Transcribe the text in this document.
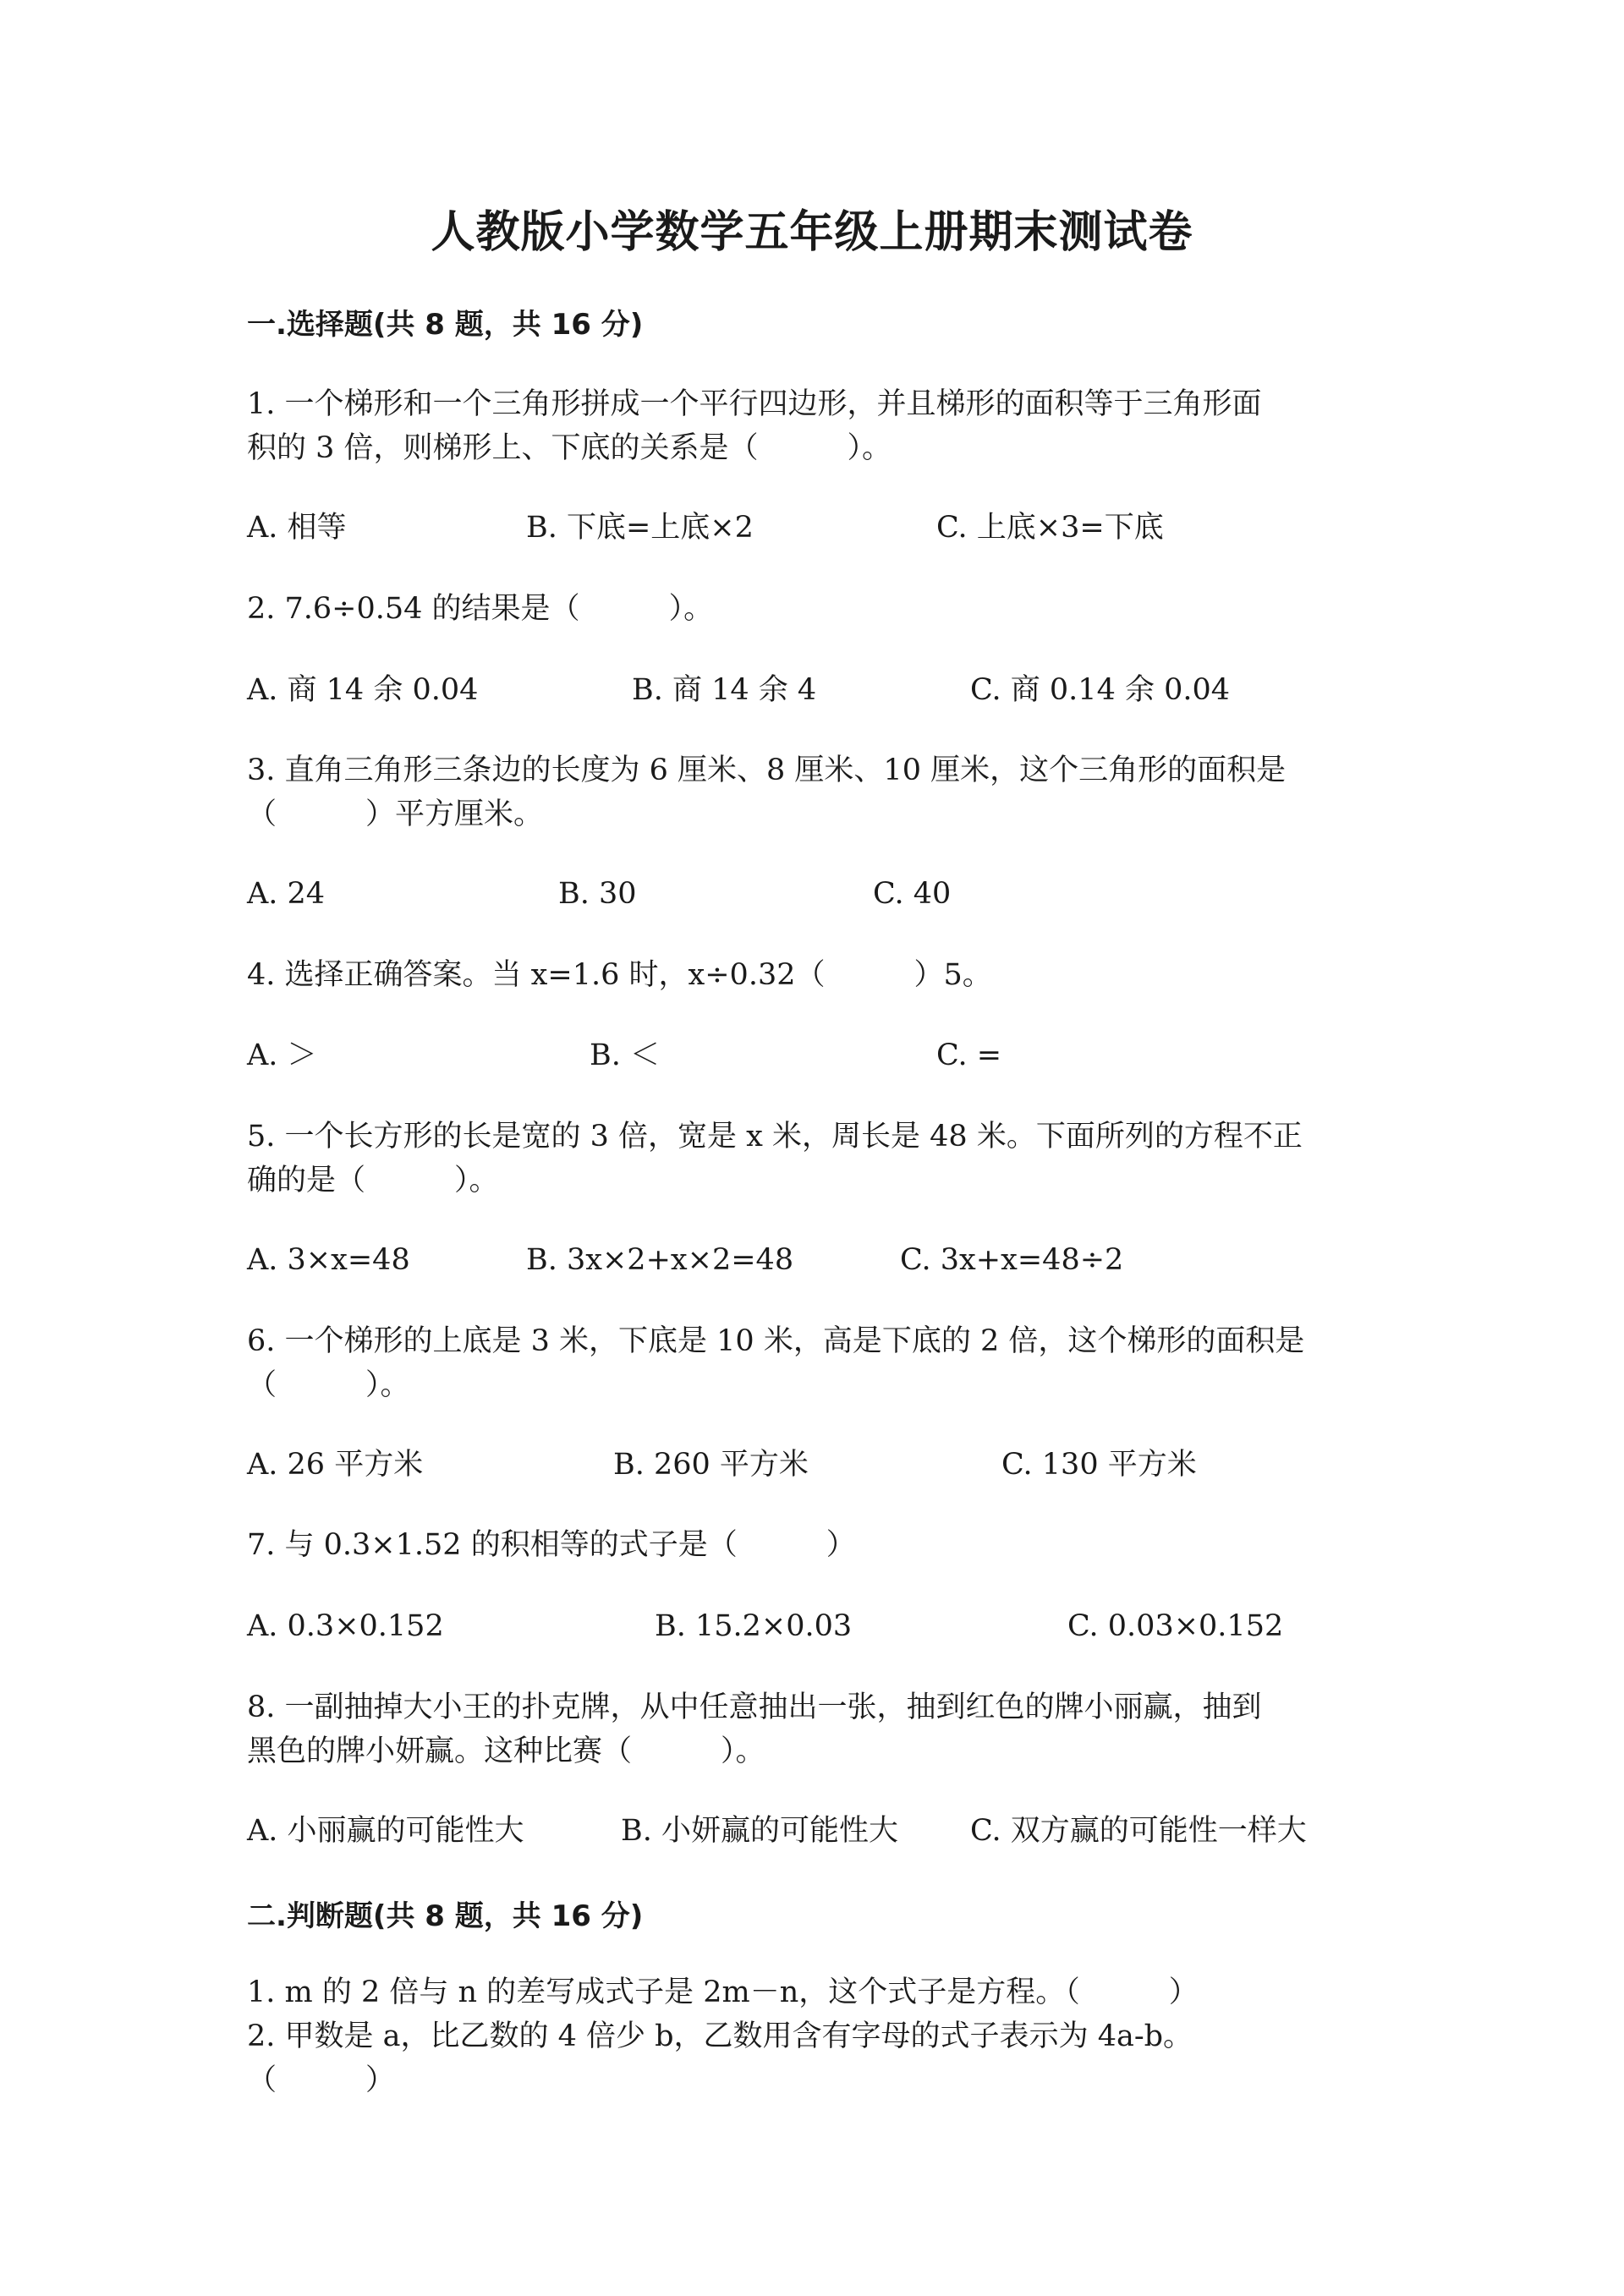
人教版小学数学五年级上册期末测试卷
一.选择题(共 8 题，共 16 分)
1. 一个梯形和一个三角形拼成一个平行四边形，并且梯形的面积等于三角形面
积的 3 倍，则梯形上、下底的关系是（　　　）。
A. 相等	B. 下底=上底×2	C. 上底×3=下底
2. 7.6÷0.54 的结果是（　　　）。
A. 商 14 余 0.04	B. 商 14 余 4	C. 商 0.14 余 0.04
3. 直角三角形三条边的长度为 6 厘米、8 厘米、10 厘米，这个三角形的面积是
（　　　）平方厘米。
A. 24	B. 30	C. 40
4. 选择正确答案。当 x=1.6 时，x÷0.32（　　　）5。
A. ＞	B. ＜	C. =
5. 一个长方形的长是宽的 3 倍，宽是 x 米，周长是 48 米。下面所列的方程不正
确的是（　　　）。
A. 3×x=48	B. 3x×2+x×2=48	C. 3x+x=48÷2
6. 一个梯形的上底是 3 米，下底是 10 米，高是下底的 2 倍，这个梯形的面积是
（　　　）。
A. 26 平方米	B. 260 平方米	C. 130 平方米
7. 与 0.3×1.52 的积相等的式子是（　　　）
A. 0.3×0.152	B. 15.2×0.03	C. 0.03×0.152
8. 一副抽掉大小王的扑克牌，从中任意抽出一张，抽到红色的牌小丽赢，抽到
黑色的牌小妍赢。这种比赛（　　　）。
A. 小丽赢的可能性大	B. 小妍赢的可能性大 C. 双方赢的可能性一样大
二.判断题(共 8 题，共 16 分)
1. m 的 2 倍与 n 的差写成式子是 2m－n，这个式子是方程。（　　　）
2. 甲数是 a，比乙数的 4 倍少 b，乙数用含有字母的式子表示为 4a-b。
（　　　）
